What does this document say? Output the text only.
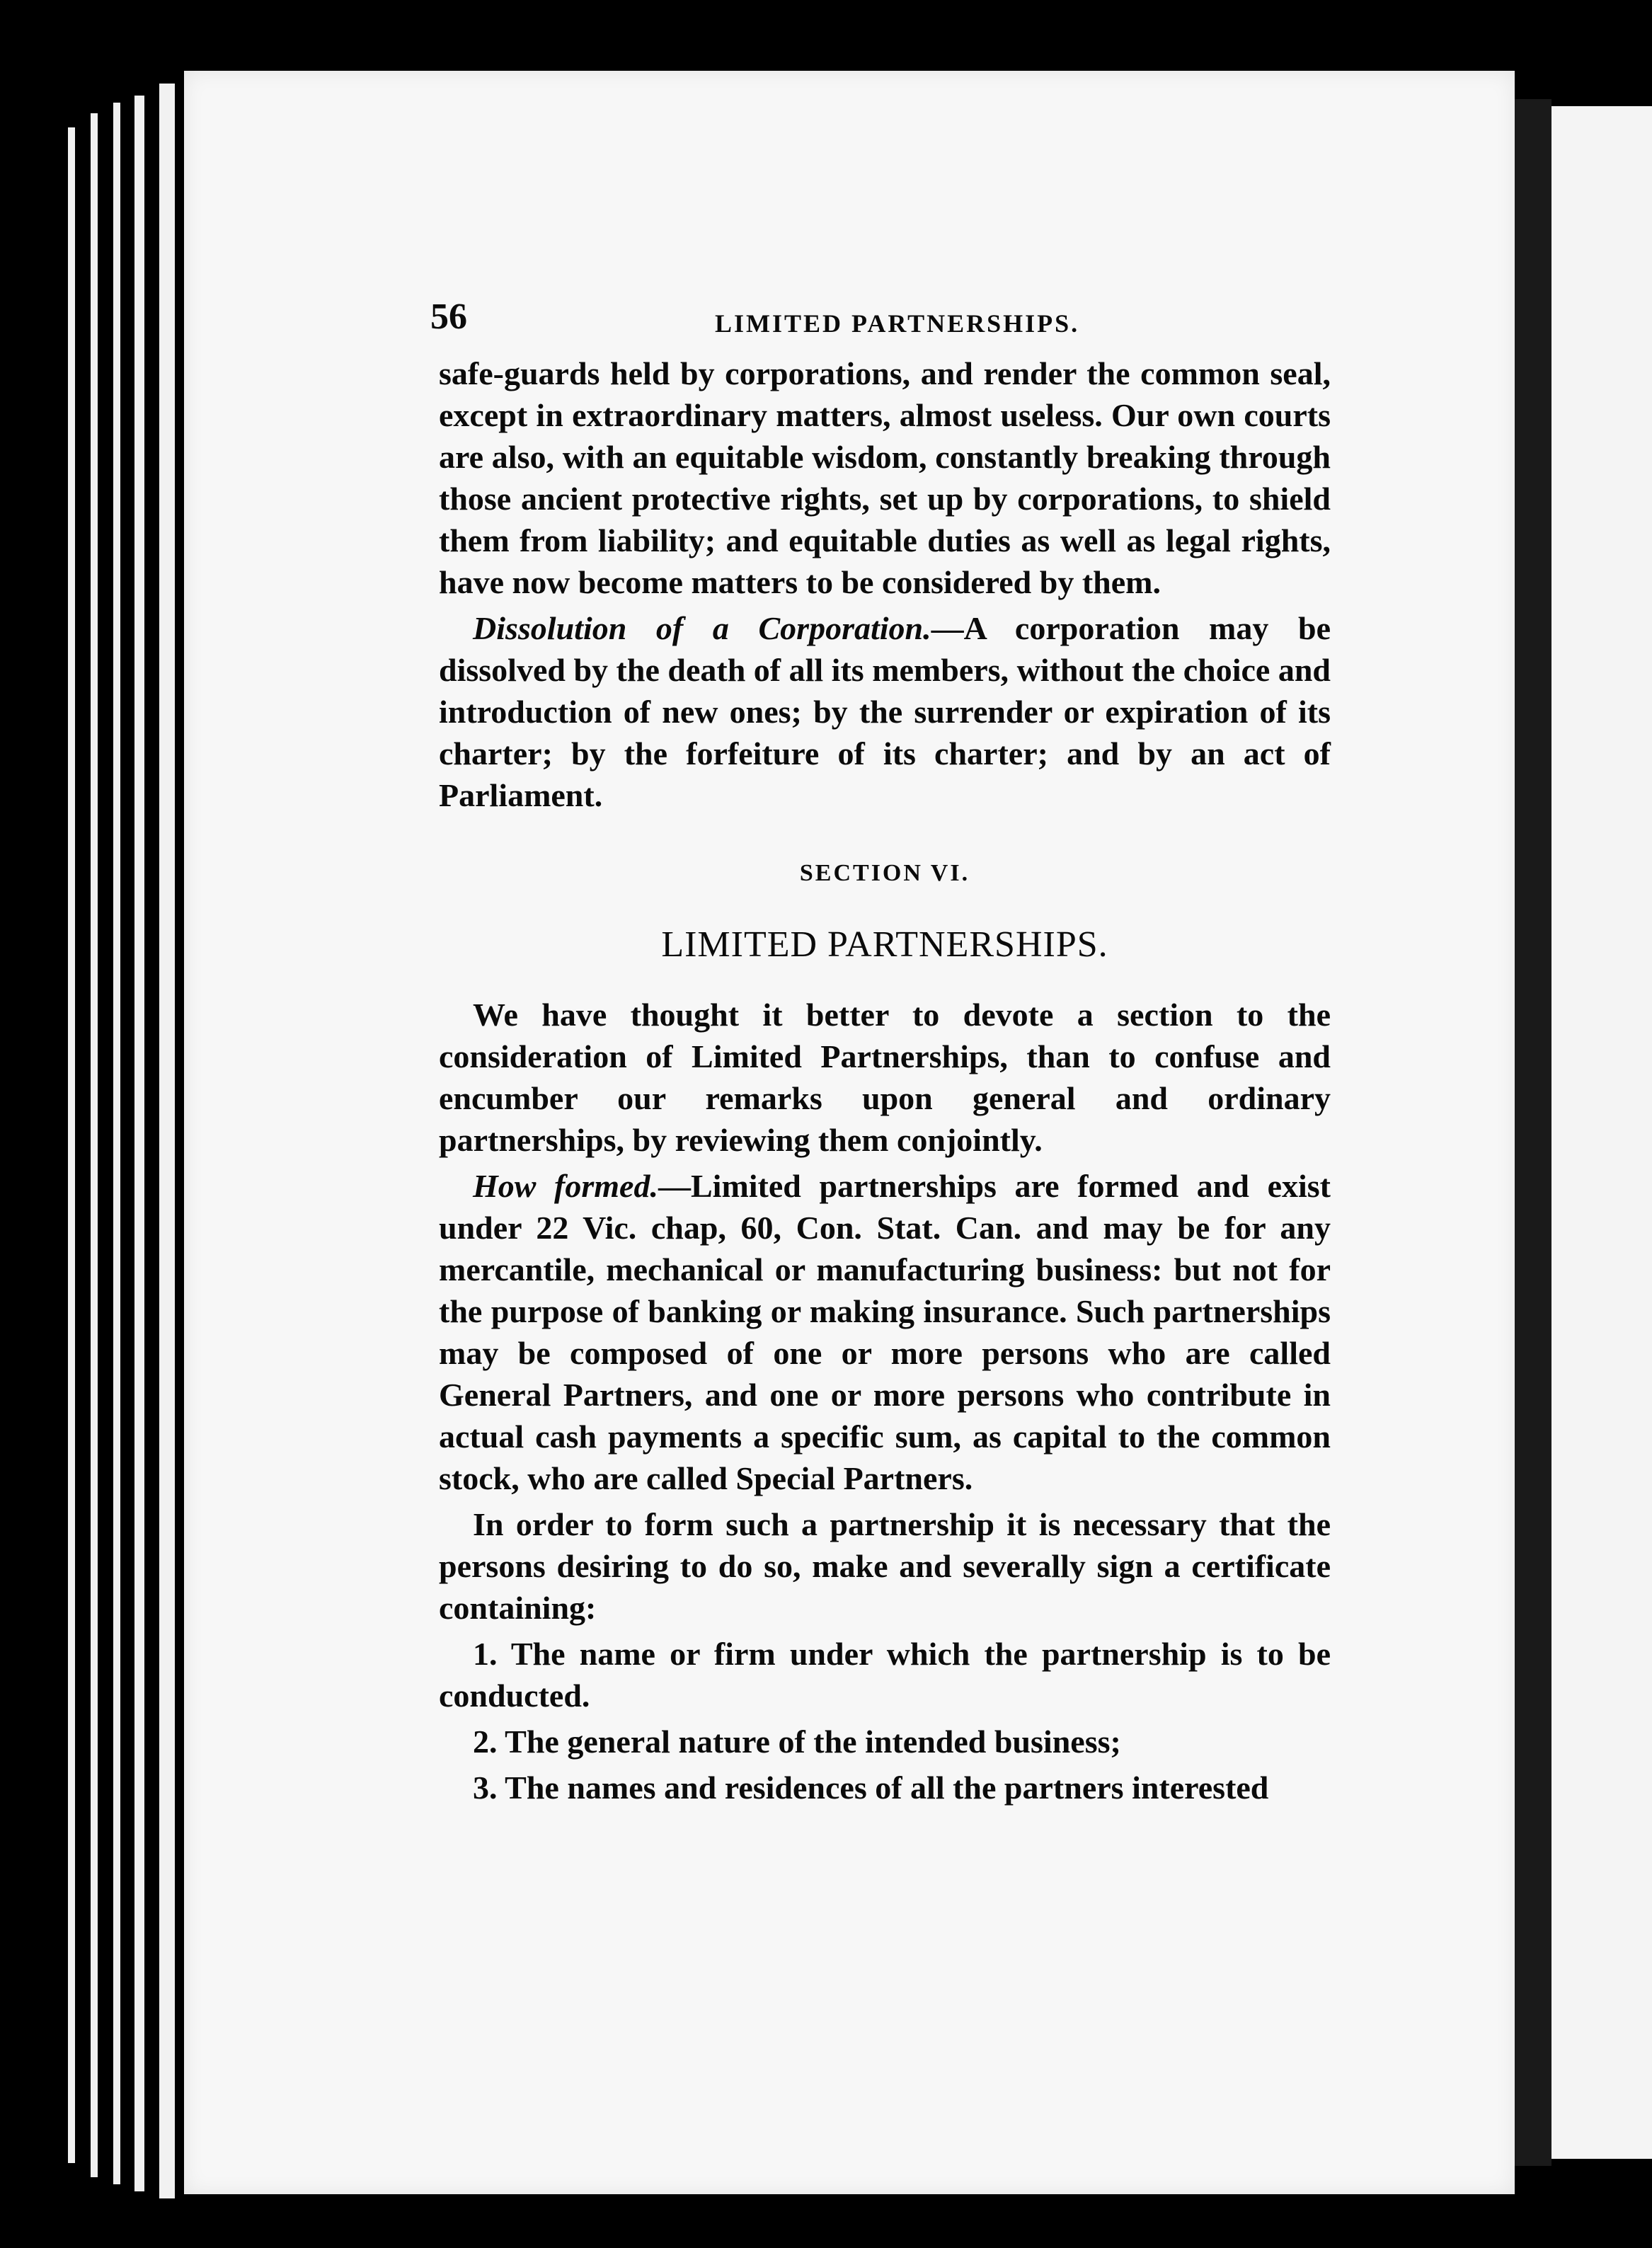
56	LIMITED PARTNERSHIPS.

safe-guards held by corporations, and render the common seal, except in extraordinary matters, almost useless. Our own courts are also, with an equitable wisdom, constantly breaking through those ancient protective rights, set up by corporations, to shield them from liability; and equitable duties as well as legal rights, have now become matters to be considered by them.

Dissolution of a Corporation.—A corporation may be dissolved by the death of all its members, without the choice and introduction of new ones; by the surrender or expiration of its charter; by the forfeiture of its charter; and by an act of Parliament.

SECTION VI.
LIMITED PARTNERSHIPS.

We have thought it better to devote a section to the consideration of Limited Partnerships, than to confuse and encumber our remarks upon general and ordinary partnerships, by reviewing them conjointly.

How formed.—Limited partnerships are formed and exist under 22 Vic. chap, 60, Con. Stat. Can. and may be for any mercantile, mechanical or manufacturing business: but not for the purpose of banking or making insurance. Such partnerships may be composed of one or more persons who are called General Partners, and one or more persons who contribute in actual cash payments a specific sum, as capital to the common stock, who are called Special Partners.

In order to form such a partnership it is necessary that the persons desiring to do so, make and severally sign a certificate containing:

1. The name or firm under which the partnership is to be conducted.

2. The general nature of the intended business;

3. The names and residences of all the partners interested
